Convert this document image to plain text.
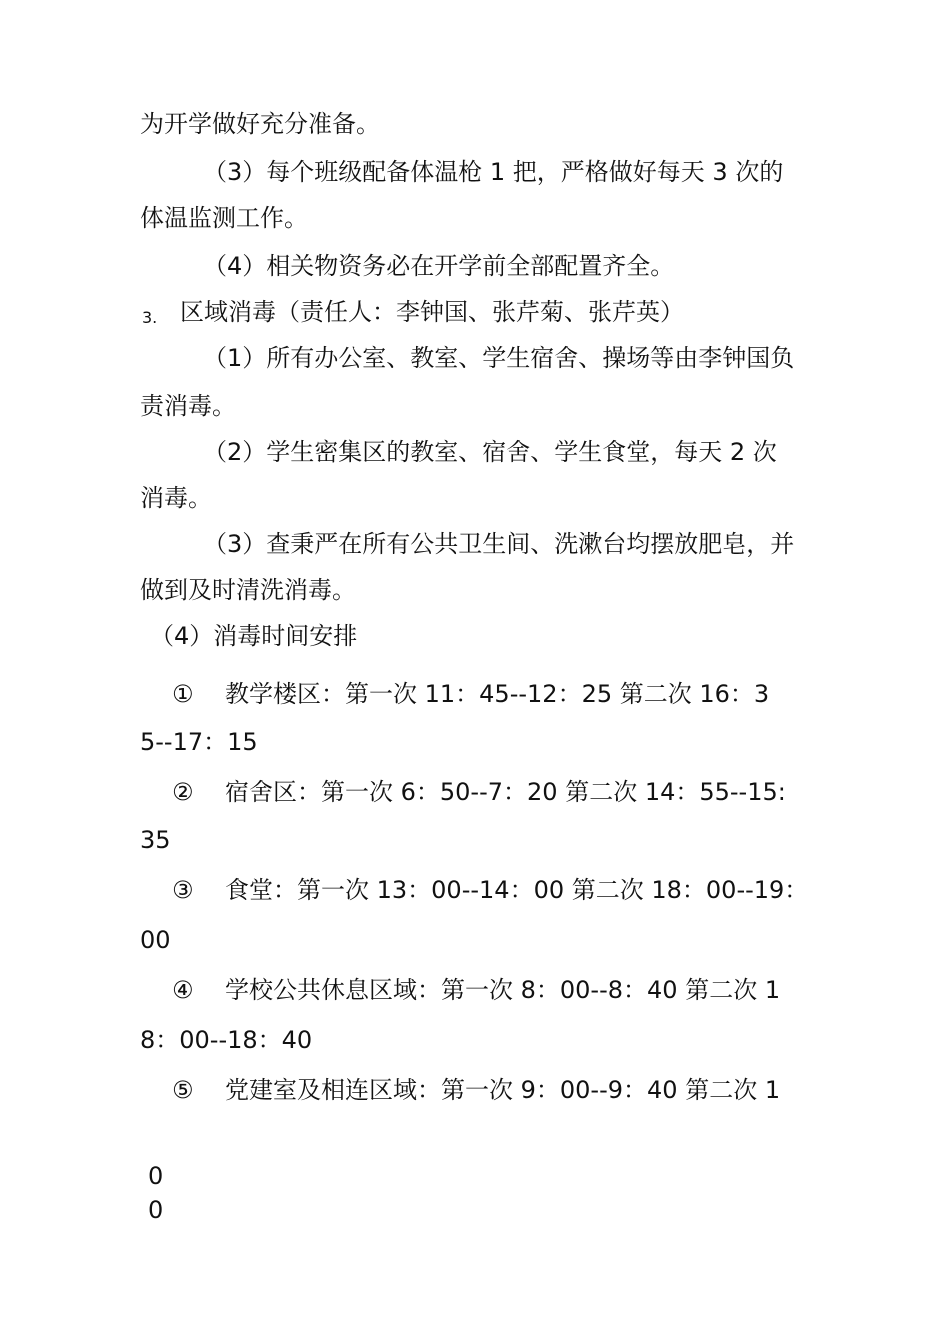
为开学做好充分准备。
（3）每个班级配备体温枪 1 把，严格做好每天 3 次的
体温监测工作。
（4）相关物资务必在开学前全部配置齐全。
3. 区域消毒（责任人：李钟国、张芹菊、张芹英）
（1）所有办公室、教室、学生宿舍、操场等由李钟国负
责消毒。
（2）学生密集区的教室、宿舍、学生食堂，每天 2 次
消毒。
（3）查秉严在所有公共卫生间、洗漱台均摆放肥皂，并
做到及时清洗消毒。
（4）消毒时间安排
① 教学楼区：第一次 11：45--12：25 第二次 16：3
5--17：15
② 宿舍区：第一次 6：50--7：20 第二次 14：55--15:
35
③ 食堂：第一次 13：00--14：00 第二次 18：00--19：
00
④ 学校公共休息区域：第一次 8：00--8：40 第二次 1
8：00--18：40
⑤ 党建室及相连区域：第一次 9：00--9：40 第二次 1
0
0
